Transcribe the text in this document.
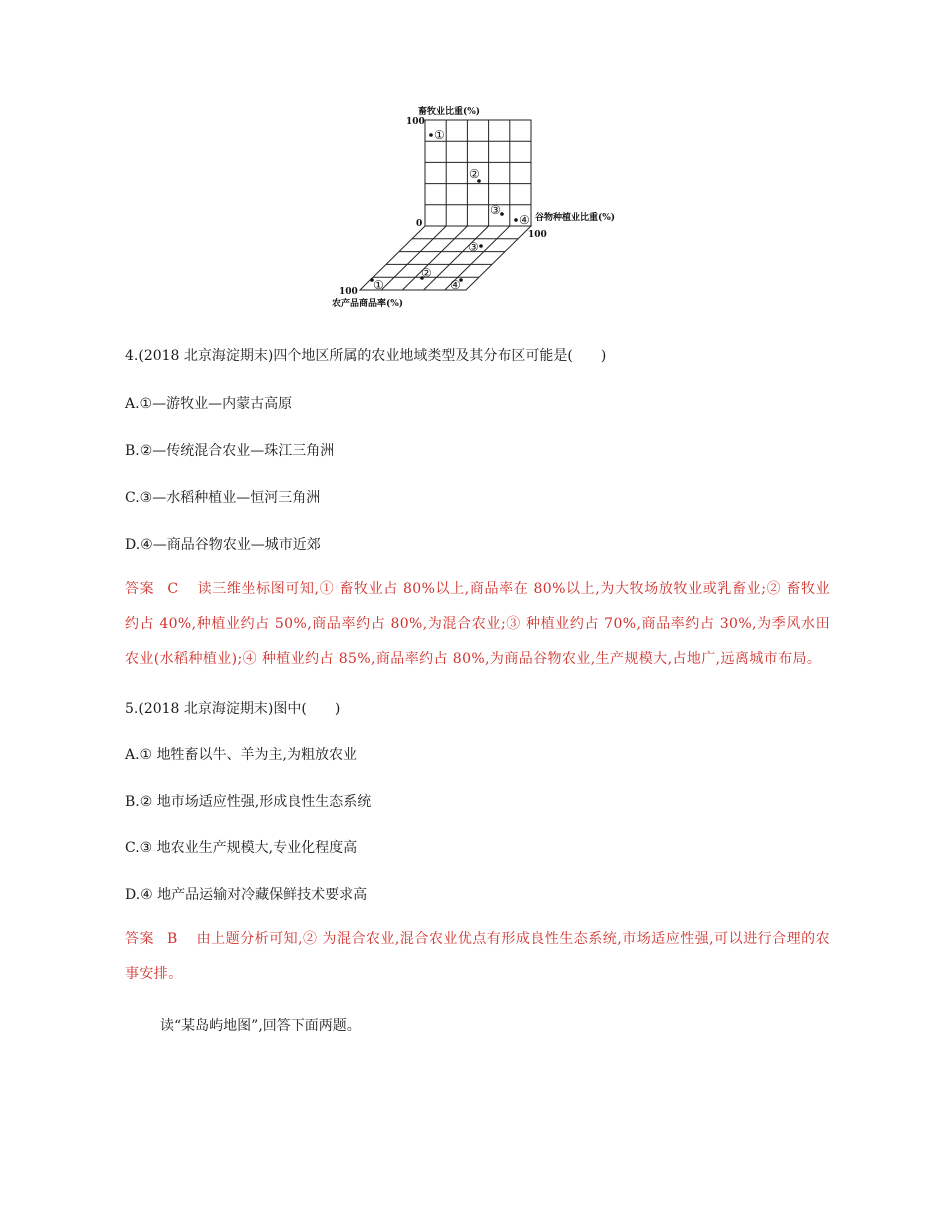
畜牧业比重(%)
100
0
谷物种植业比重(%)
100
100
农产品商品率(%)
①
②
③
④
①
②
③
④
4.(2018 北京海淀期末)四个地区所属的农业地域类型及其分布区可能是(　　)
A.①—游牧业—内蒙古高原
B.②—传统混合农业—珠江三角洲
C.③—水稻种植业—恒河三角洲
D.④—商品谷物农业—城市近郊
答案 C 读三维坐标图可知,① 畜牧业占 80%以上,商品率在 80%以上,为大牧场放牧业或乳畜业;② 畜牧业约占 40%,种植业约占 50%,商品率约占 80%,为混合农业;③ 种植业约占 70%,商品率约占 30%,为季风水田农业(水稻种植业);④ 种植业约占 85%,商品率约占 80%,为商品谷物农业,生产规模大,占地广,远离城市布局。
5.(2018 北京海淀期末)图中(　　)
A.① 地牲畜以牛、羊为主,为粗放农业
B.② 地市场适应性强,形成良性生态系统
C.③ 地农业生产规模大,专业化程度高
D.④ 地产品运输对冷藏保鲜技术要求高
答案 B 由上题分析可知,② 为混合农业,混合农业优点有形成良性生态系统,市场适应性强,可以进行合理的农事安排。
读“某岛屿地图”,回答下面两题。
